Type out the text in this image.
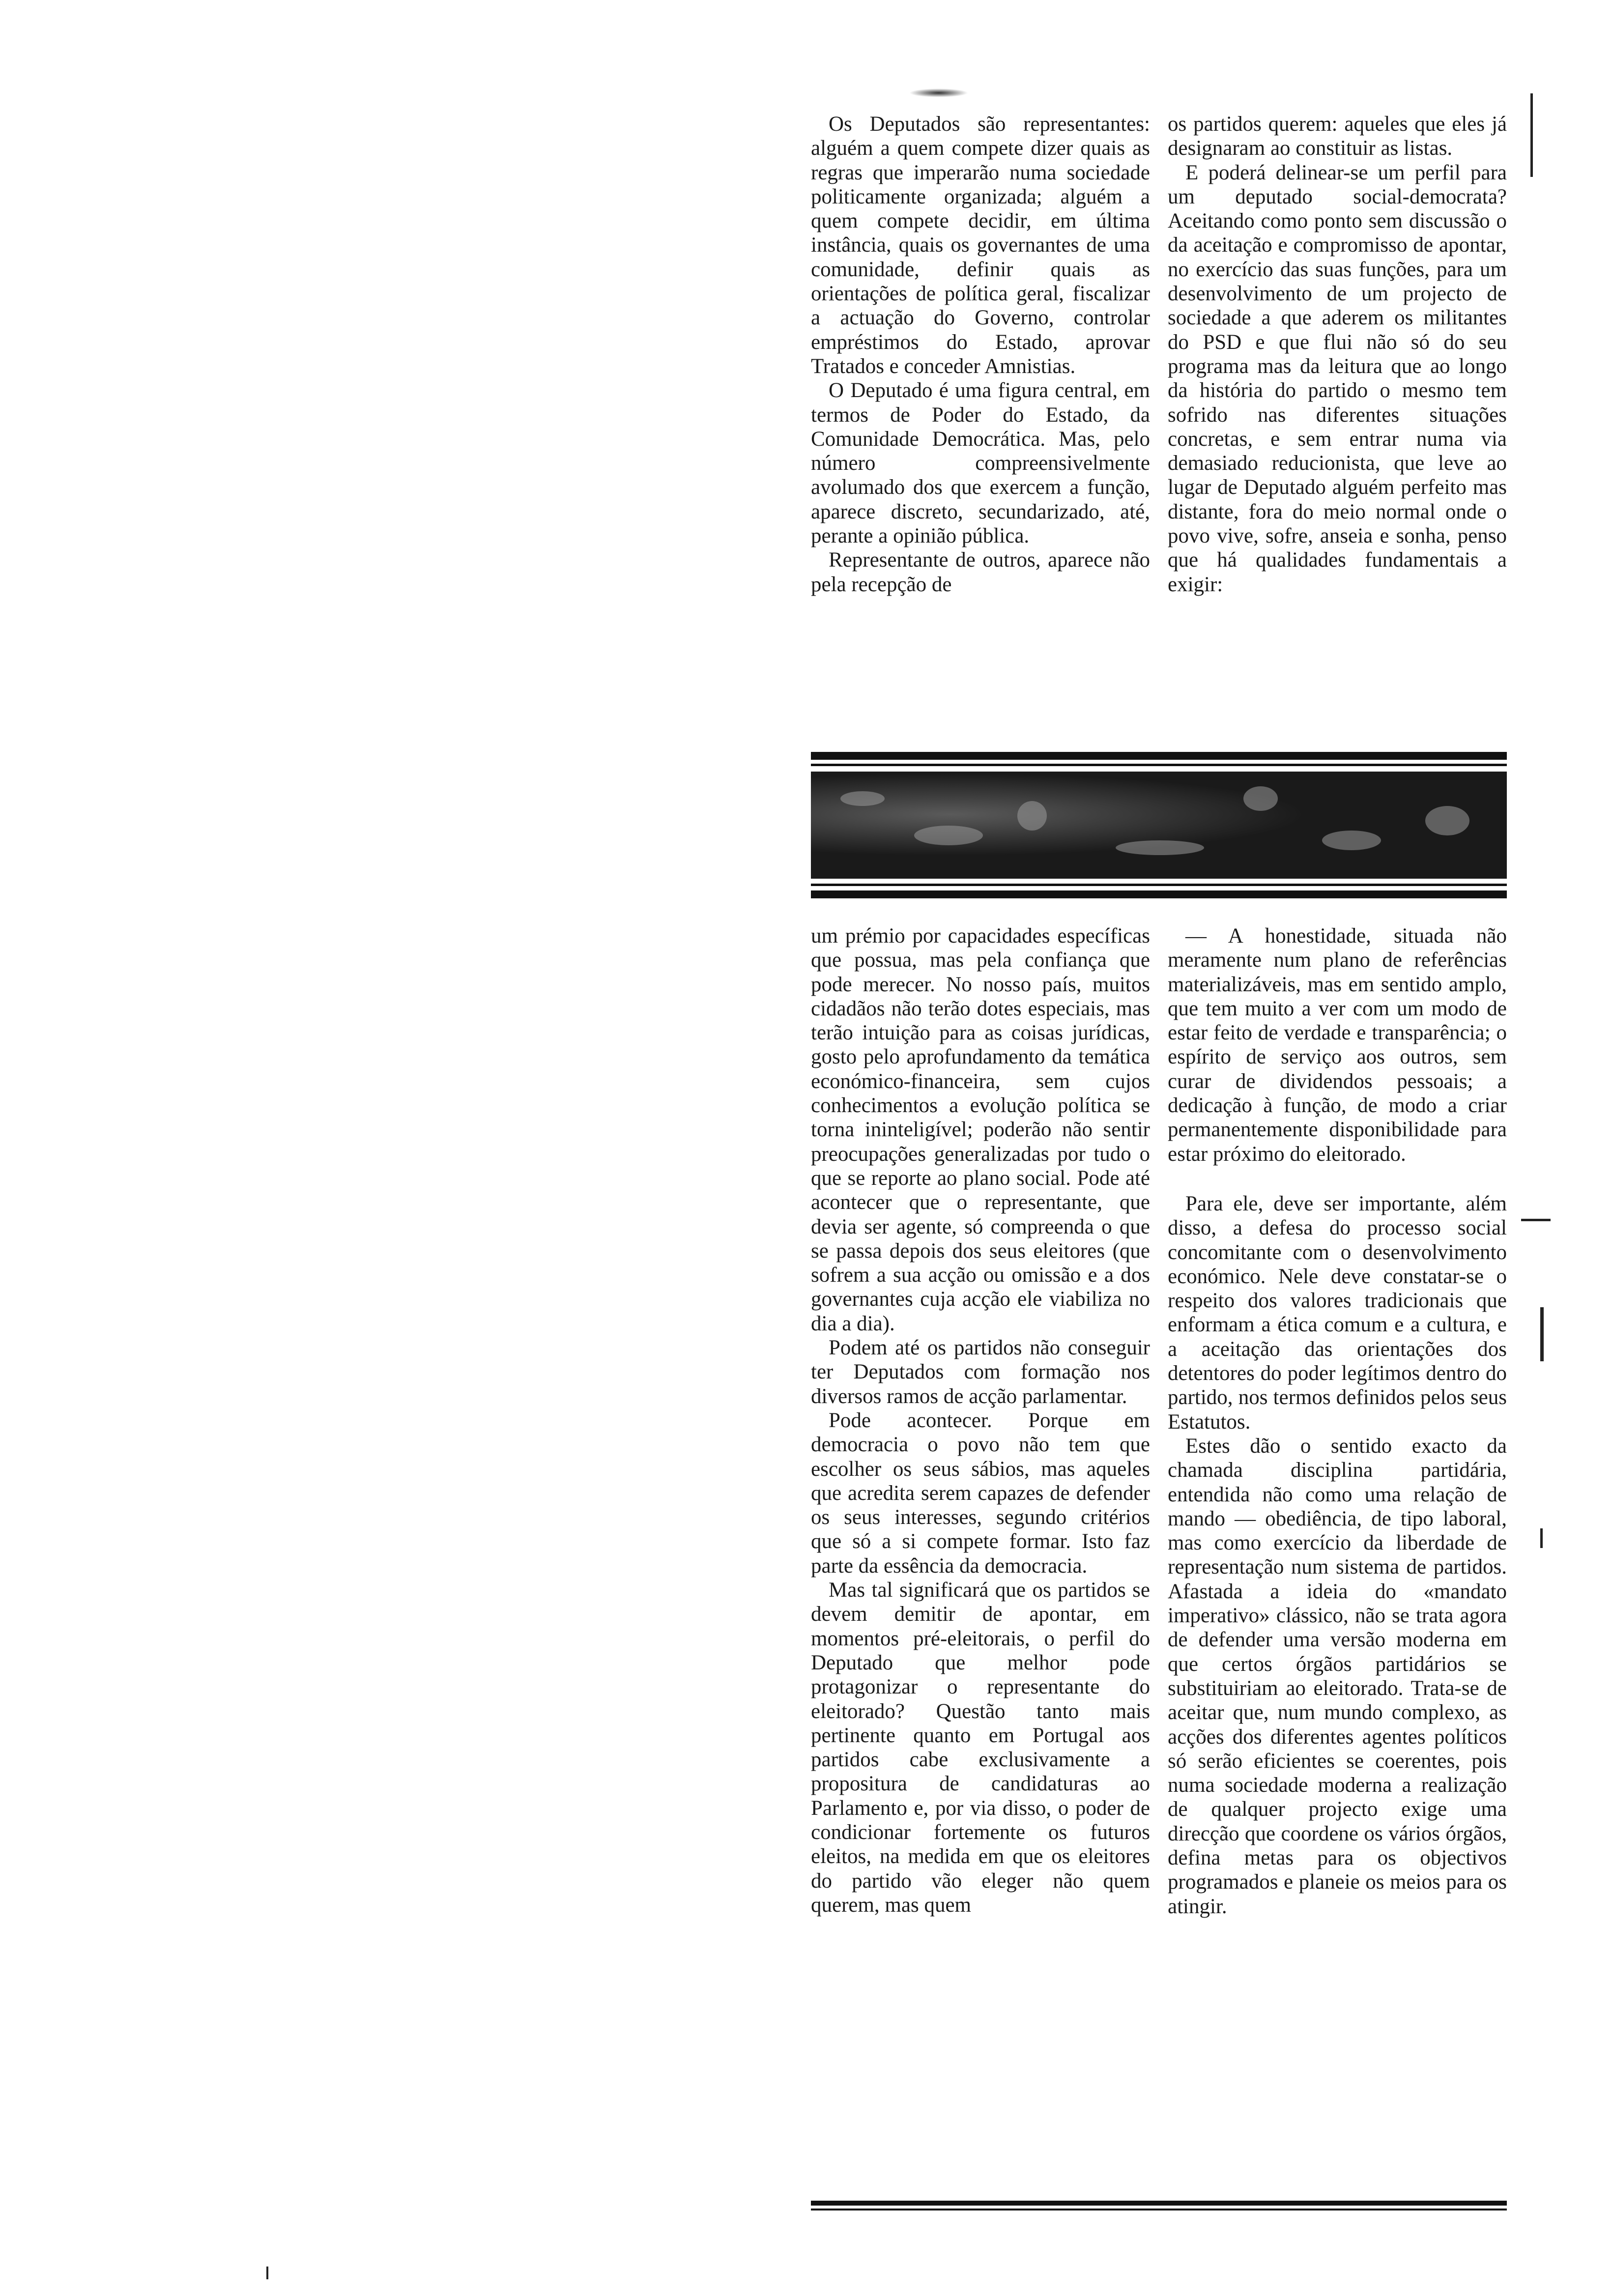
Os Deputados são representantes: alguém a quem compete dizer quais as regras que imperarão numa sociedade politicamente organizada; alguém a quem compete decidir, em última instância, quais os governantes de uma comunidade, definir quais as orientações de política geral, fiscalizar a actuação do Governo, controlar empréstimos do Estado, aprovar Tratados e conceder Amnistias.

O Deputado é uma figura central, em termos de Poder do Estado, da Comunidade Democrática. Mas, pelo número compreensivelmente avolumado dos que exercem a função, aparece discreto, secundarizado, até, perante a opinião pública.

Representante de outros, aparece não pela recepção de

os partidos querem: aqueles que eles já designaram ao constituir as listas.

E poderá delinear-se um perfil para um deputado social-democrata? Aceitando como ponto sem discussão o da aceitação e compromisso de apontar, no exercício das suas funções, para um desenvolvimento de um projecto de sociedade a que aderem os militantes do PSD e que flui não só do seu programa mas da leitura que ao longo da história do partido o mesmo tem sofrido nas diferentes situações concretas, e sem entrar numa via demasiado reducionista, que leve ao lugar de Deputado alguém perfeito mas distante, fora do meio normal onde o povo vive, sofre, anseia e sonha, penso que há qualidades fundamentais a exigir:

um prémio por capacidades específicas que possua, mas pela confiança que pode merecer. No nosso país, muitos cidadãos não terão dotes especiais, mas terão intuição para as coisas jurídicas, gosto pelo aprofundamento da temática económico-financeira, sem cujos conhecimentos a evolução política se torna ininteligível; poderão não sentir preocupações generalizadas por tudo o que se reporte ao plano social. Pode até acontecer que o representante, que devia ser agente, só compreenda o que se passa depois dos seus eleitores (que sofrem a sua acção ou omissão e a dos governantes cuja acção ele viabiliza no dia a dia).

Podem até os partidos não conseguir ter Deputados com formação nos diversos ramos de acção parlamentar.

Pode acontecer. Porque em democracia o povo não tem que escolher os seus sábios, mas aqueles que acredita serem capazes de defender os seus interesses, segundo critérios que só a si compete formar. Isto faz parte da essência da democracia.

Mas tal significará que os partidos se devem demitir de apontar, em momentos pré-eleitorais, o perfil do Deputado que melhor pode protagonizar o representante do eleitorado? Questão tanto mais pertinente quanto em Portugal aos partidos cabe exclusivamente a propositura de candidaturas ao Parlamento e, por via disso, o poder de condicionar fortemente os futuros eleitos, na medida em que os eleitores do partido vão eleger não quem querem, mas quem

— A honestidade, situada não meramente num plano de referências materializáveis, mas em sentido amplo, que tem muito a ver com um modo de estar feito de verdade e transparência; o espírito de serviço aos outros, sem curar de dividendos pessoais; a dedicação à função, de modo a criar permanentemente disponibilidade para estar próximo do eleitorado.

Para ele, deve ser importante, além disso, a defesa do processo social concomitante com o desenvolvimento económico. Nele deve constatar-se o respeito dos valores tradicionais que enformam a ética comum e a cultura, e a aceitação das orientações dos detentores do poder legítimos dentro do partido, nos termos definidos pelos seus Estatutos.

Estes dão o sentido exacto da chamada disciplina partidária, entendida não como uma relação de mando — obediência, de tipo laboral, mas como exercício da liberdade de representação num sistema de partidos. Afastada a ideia do «mandato imperativo» clássico, não se trata agora de defender uma versão moderna em que certos órgãos partidários se substituiriam ao eleitorado. Trata-se de aceitar que, num mundo complexo, as acções dos diferentes agentes políticos só serão eficientes se coerentes, pois numa sociedade moderna a realização de qualquer projecto exige uma direcção que coordene os vários órgãos, defina metas para os objectivos programados e planeie os meios para os atingir.
